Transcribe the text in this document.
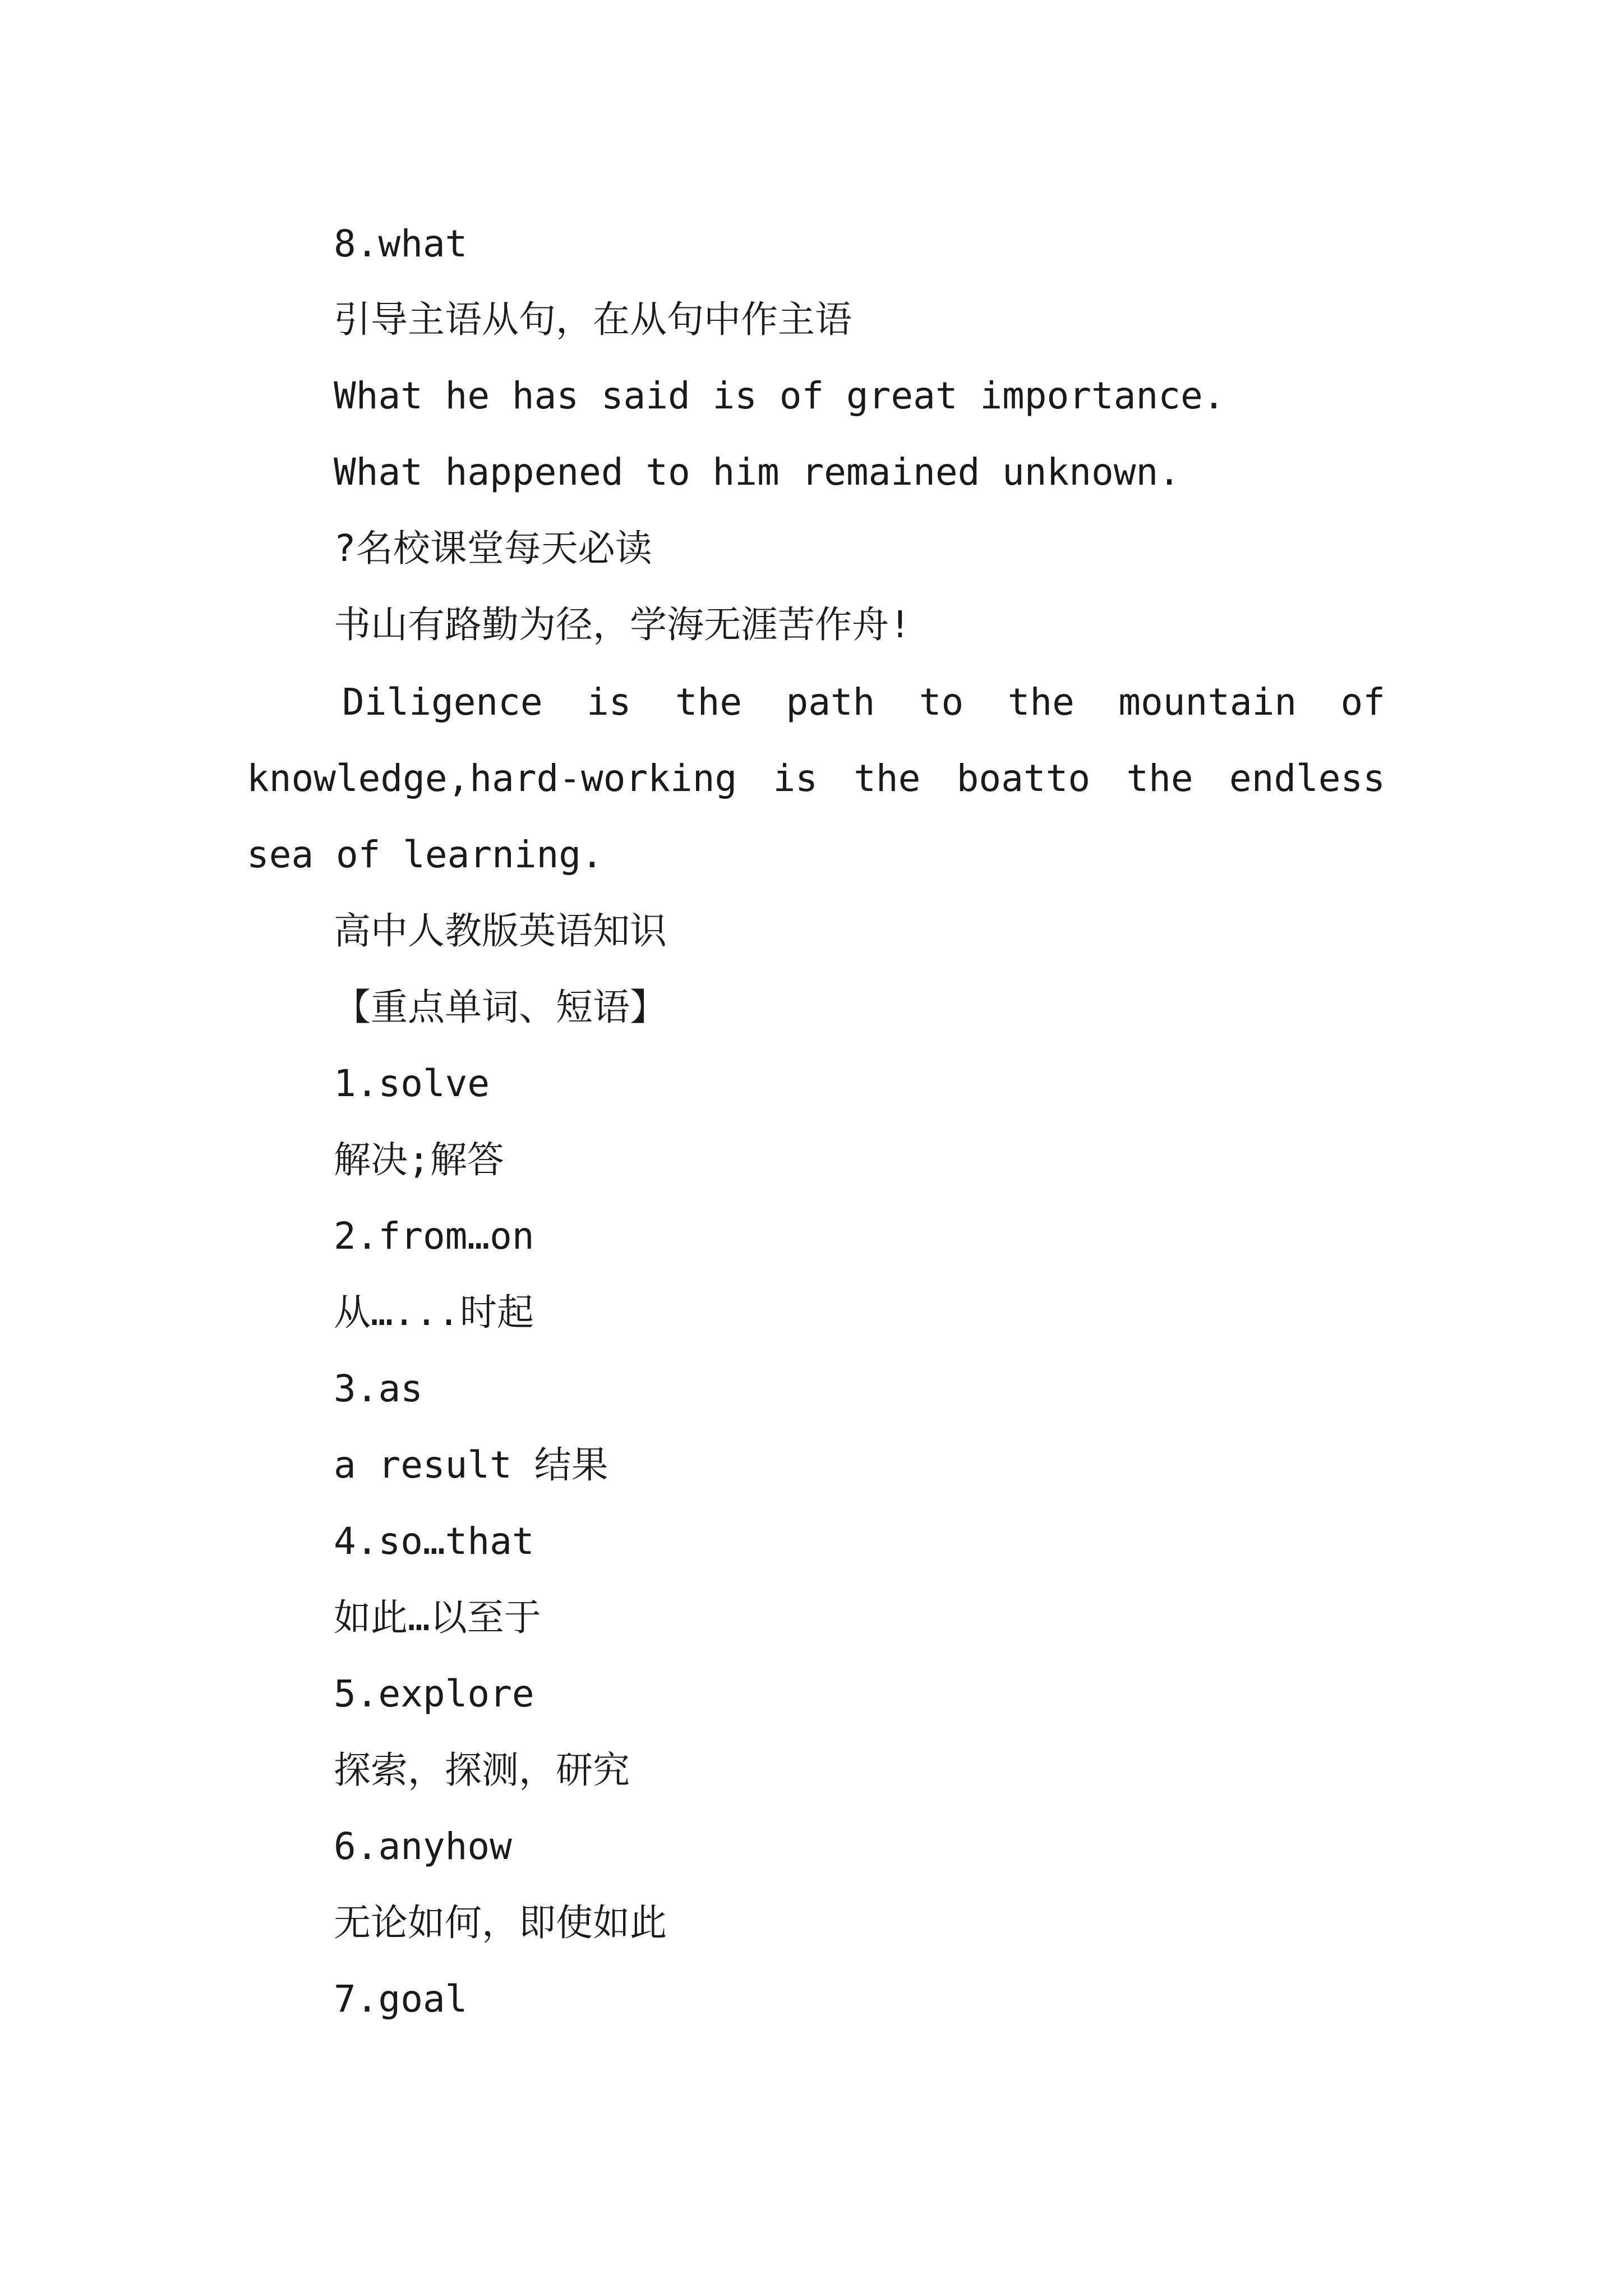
8.what
引导主语从句，在从句中作主语
What he has said is of great importance.
What happened to him remained unknown.
?名校课堂每天必读
书山有路勤为径，学海无涯苦作舟!
Diligence is the path to the mountain of
knowledge,hard-working is the boatto the endless
sea of learning.
高中人教版英语知识
【重点单词、短语】
1.solve
解决;解答
2.from…on
从…...时起
3.as
a result 结果
4.so…that
如此…以至于
5.explore
探索，探测，研究
6.anyhow
无论如何，即使如此
7.goal
